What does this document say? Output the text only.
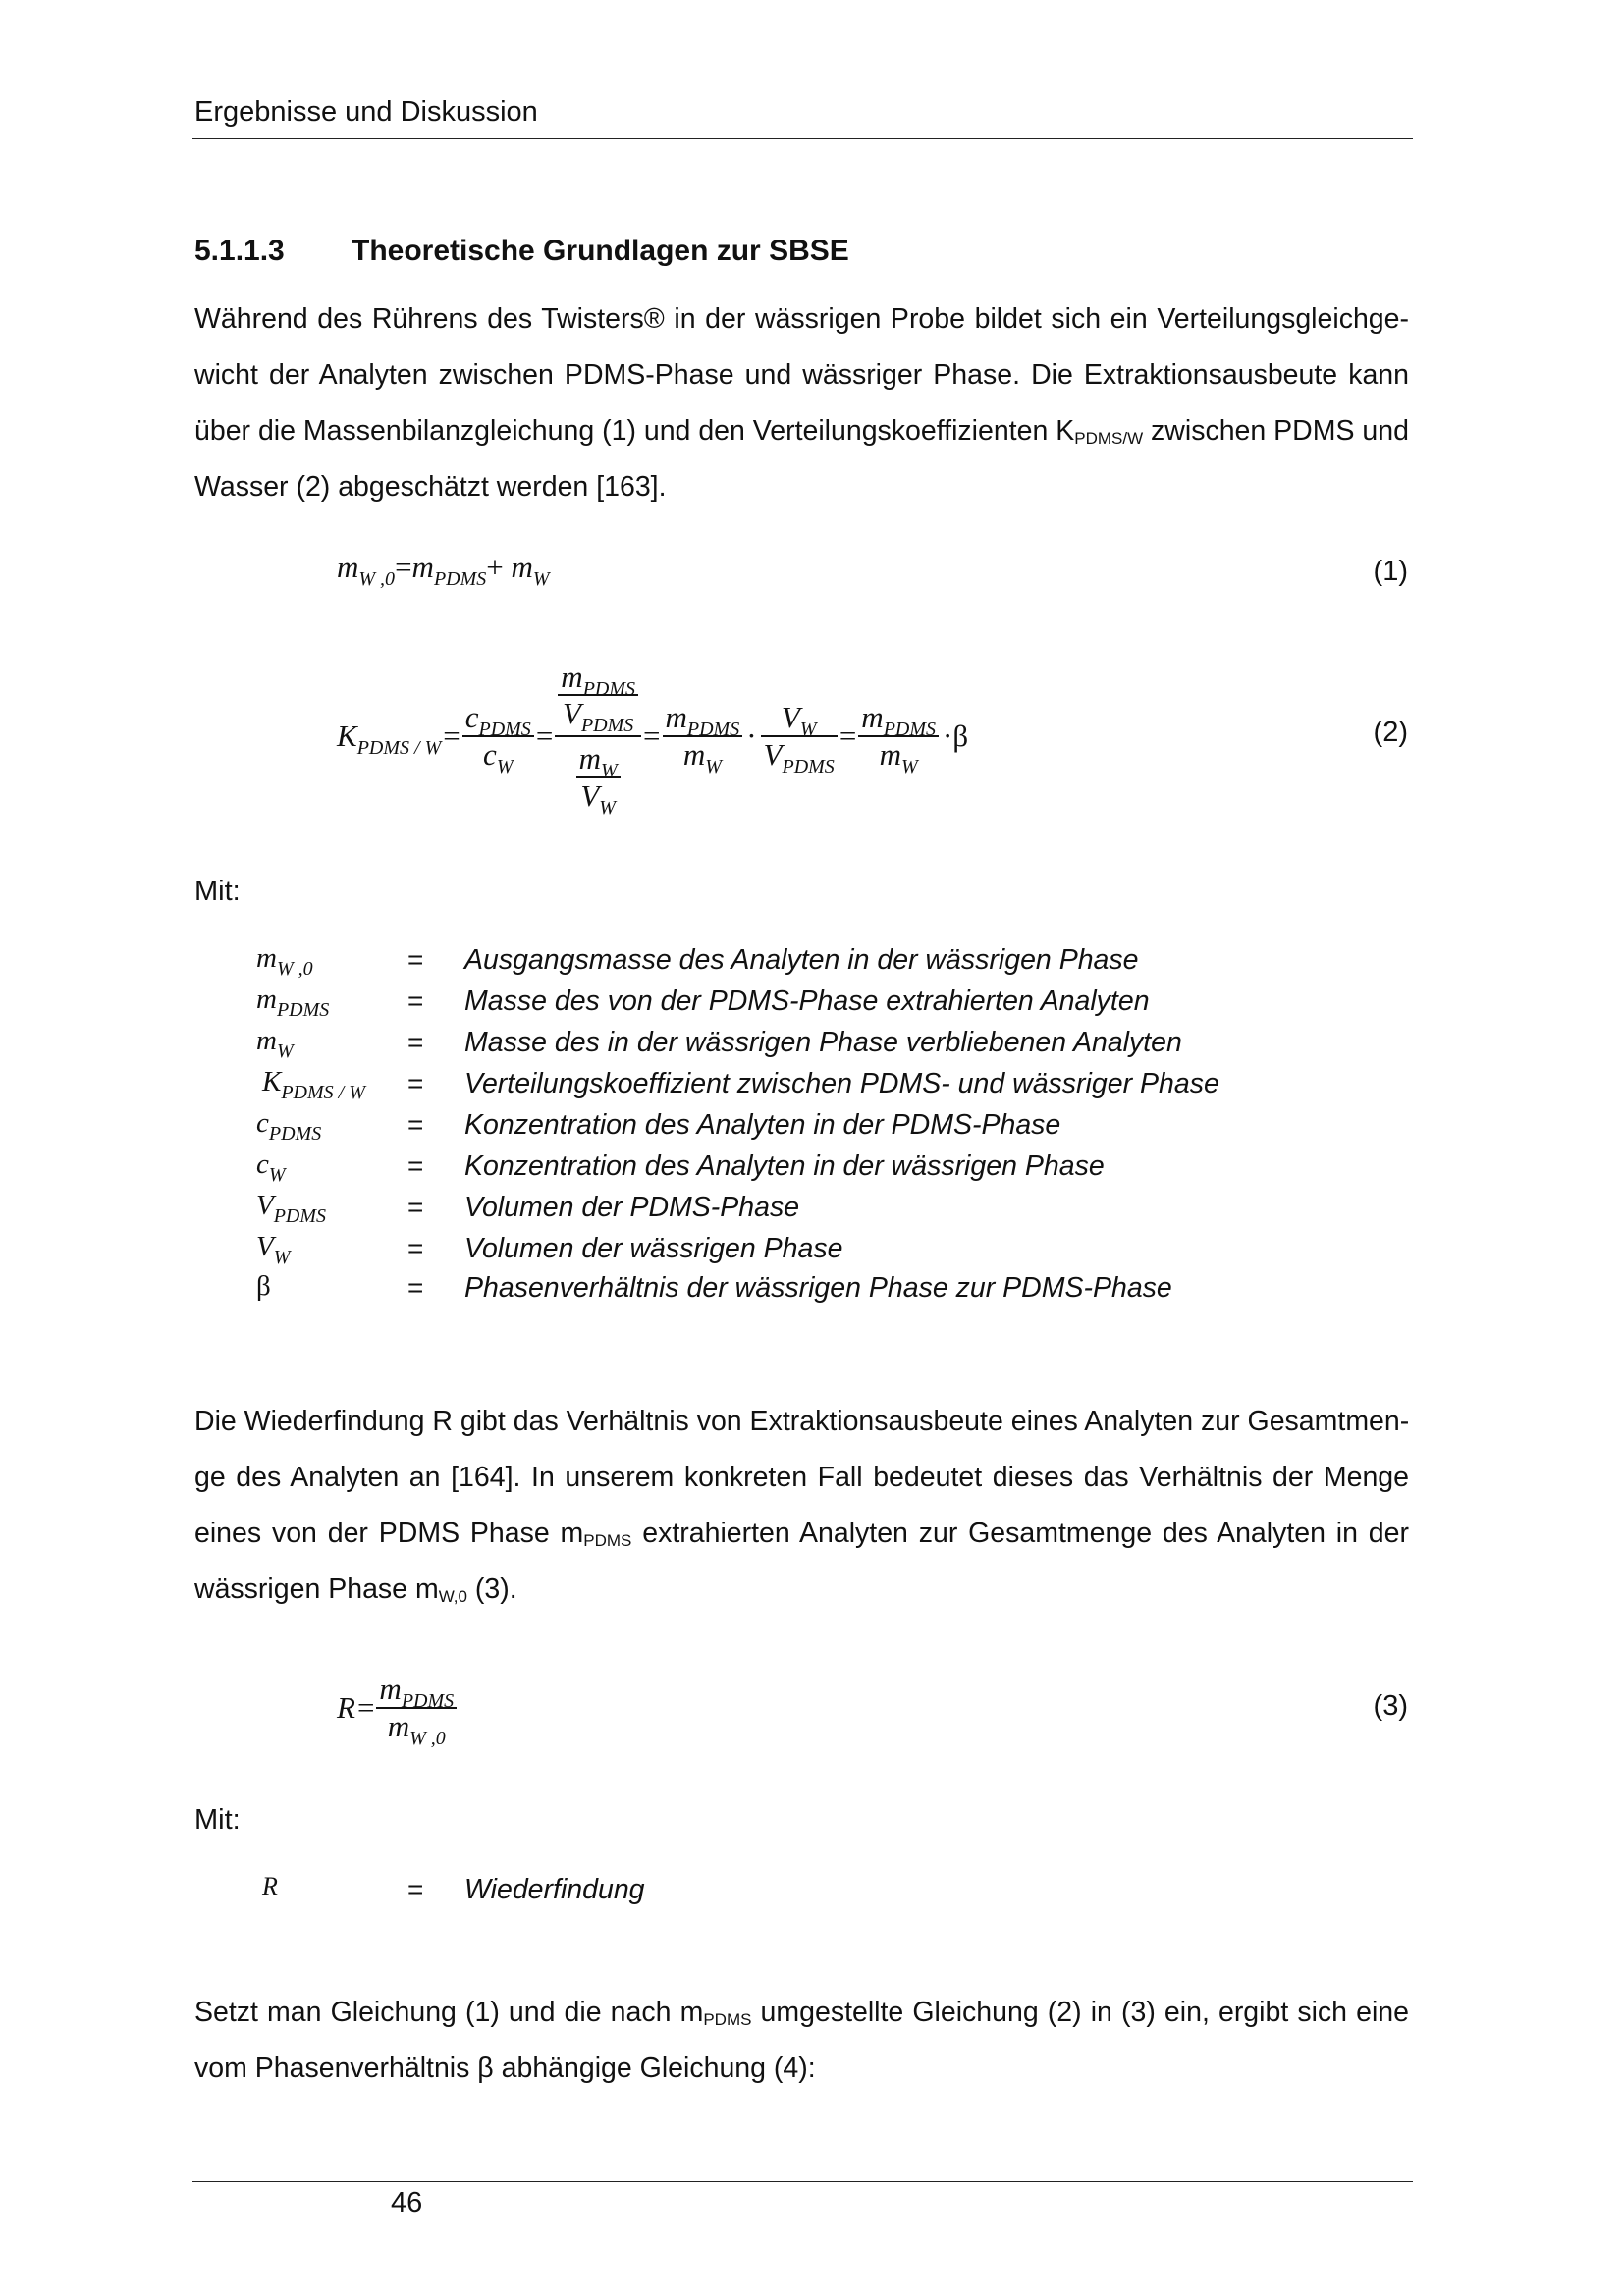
Ergebnisse und Diskussion
5.1.1.3 Theoretische Grundlagen zur SBSE
Während des Rührens des Twisters® in der wässrigen Probe bildet sich ein Verteilungsgleichge-
wicht der Analyten zwischen PDMS-Phase und wässriger Phase. Die Extraktionsausbeute kann
über die Massenbilanzgleichung (1) und den Verteilungskoeffizienten $K_{PDMS/W}$ zwischen PDMS und
Wasser (2) abgeschätzt werden [163].
$m_{W ,0}=m_{PDMS}+ m_W$	(1)
$K_{PDMS / W} = \frac{c_{PDMS}}{c_W} = \frac{\frac{m_{PDMS}}{V_{PDMS}}}{\frac{m_W}{V_W}} = \frac{m_{PDMS}}{m_W} \cdot \frac{V_W}{V_{PDMS}} = \frac{m_{PDMS}}{m_W} \cdot\beta$	(2)
Mit:
$m_{W ,0}$	= Ausgangsmasse des Analyten in der wässrigen Phase
$m_{PDMS}$	= Masse des von der PDMS-Phase extrahierten Analyten
$m_W$	= Masse des in der wässrigen Phase verbliebenen Analyten
$K_{PDMS / W}$ = Verteilungskoeffizient zwischen PDMS- und wässriger Phase
$c_{PDMS}$	= Konzentration des Analyten in der PDMS-Phase
$c_W$	= Konzentration des Analyten in der wässrigen Phase
$V_{PDMS}$	= Volumen der PDMS-Phase
$V_W$	= Volumen der wässrigen Phase
β	= Phasenverhältnis der wässrigen Phase zur PDMS-Phase
Die Wiederfindung R gibt das Verhältnis von Extraktionsausbeute eines Analyten zur Gesamtmen-
ge des Analyten an [164]. In unserem konkreten Fall bedeutet dieses das Verhältnis der Menge
eines von der PDMS Phase $m_{PDMS}$ extrahierten Analyten zur Gesamtmenge des Analyten in der
wässrigen Phase $m_{W,0}$ (3).
$R = \frac{m_{PDMS}}{m_{W ,0}}$	(3)
Mit:
R	= Wiederfindung
Setzt man Gleichung (1) und die nach $m_{PDMS}$ umgestellte Gleichung (2) in (3) ein, ergibt sich eine
vom Phasenverhältnis β abhängige Gleichung (4):
46
